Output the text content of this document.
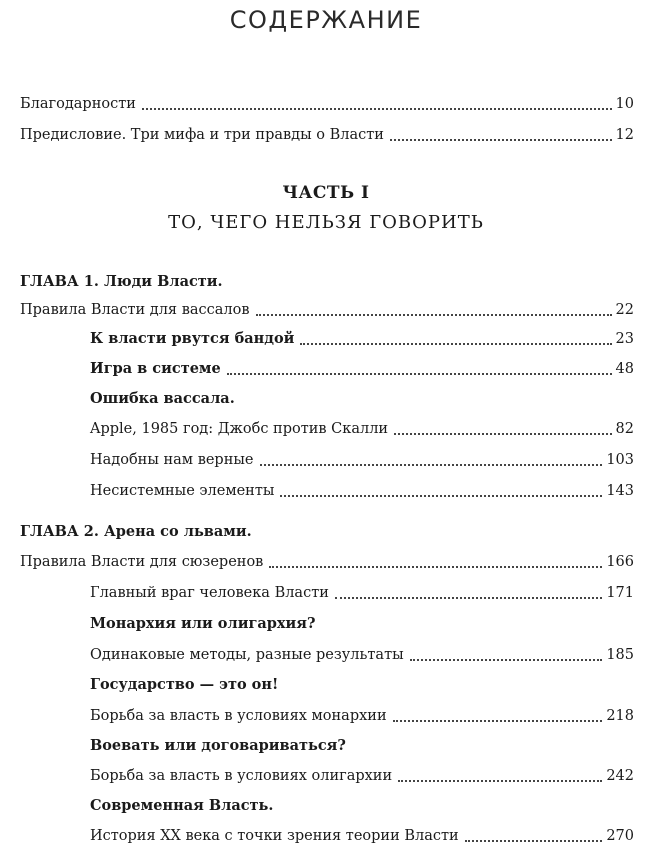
СОДЕРЖАНИЕ
Благодарности	10
Предисловие. Три мифа и три правды о Власти	12
ЧАСТЬ I
ТО, ЧЕГО НЕЛЬЗЯ ГОВОРИТЬ
ГЛАВА 1. Люди Власти.
Правила Власти для вассалов	22
К власти рвутся бандой	23
Игра в системе	48
Ошибка вассала.
Apple, 1985 год: Джобс против Скалли	82
Надобны нам верные	103
Несистемные элементы	143
ГЛАВА 2. Арена со львами.
Правила Власти для сюзеренов	166
Главный враг человека Власти	171
Монархия или олигархия?
Одинаковые методы, разные результаты	185
Государство — это он!
Борьба за власть в условиях монархии	218
Воевать или договариваться?
Борьба за власть в условиях олигархии	242
Современная Власть.
История XX века с точки зрения теории Власти	270
